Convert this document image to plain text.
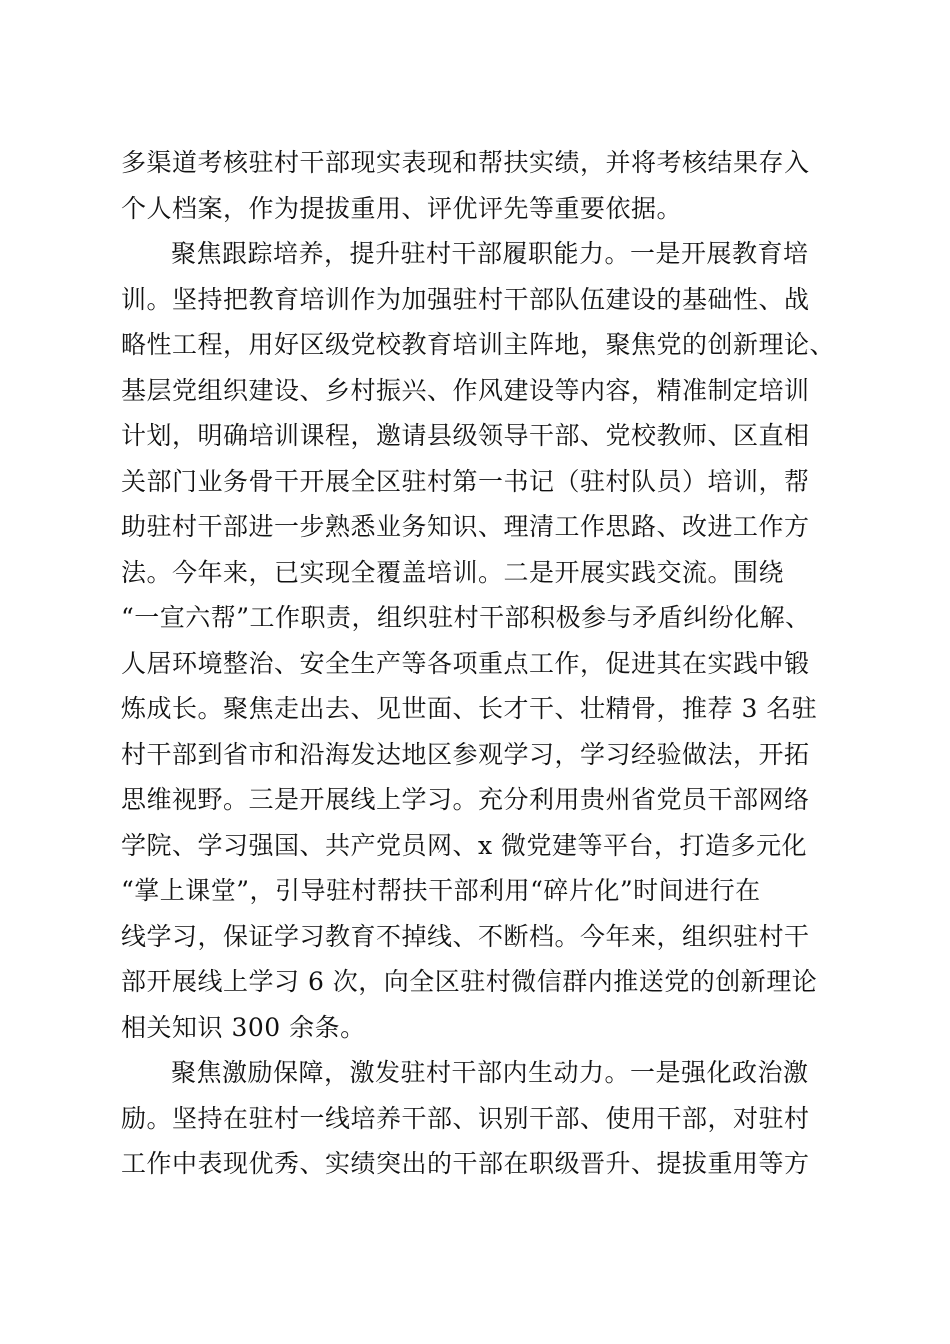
多渠道考核驻村干部现实表现和帮扶实绩，并将考核结果存入
个人档案，作为提拔重用、评优评先等重要依据。
聚焦跟踪培养，提升驻村干部履职能力。一是开展教育培
训。坚持把教育培训作为加强驻村干部队伍建设的基础性、战
略性工程，用好区级党校教育培训主阵地，聚焦党的创新理论、
基层党组织建设、乡村振兴、作风建设等内容，精准制定培训
计划，明确培训课程，邀请县级领导干部、党校教师、区直相
关部门业务骨干开展全区驻村第一书记（驻村队员）培训，帮
助驻村干部进一步熟悉业务知识、理清工作思路、改进工作方
法。今年来，已实现全覆盖培训。二是开展实践交流。围绕
“一宣六帮”工作职责，组织驻村干部积极参与矛盾纠纷化解、
人居环境整治、安全生产等各项重点工作，促进其在实践中锻
炼成长。聚焦走出去、见世面、长才干、壮精骨，推荐 3 名驻
村干部到省市和沿海发达地区参观学习，学习经验做法，开拓
思维视野。三是开展线上学习。充分利用贵州省党员干部网络
学院、学习强国、共产党员网、x 微党建等平台，打造多元化
“掌上课堂”，引导驻村帮扶干部利用“碎片化”时间进行在
线学习，保证学习教育不掉线、不断档。今年来，组织驻村干
部开展线上学习 6 次，向全区驻村微信群内推送党的创新理论
相关知识 300 余条。
聚焦激励保障，激发驻村干部内生动力。一是强化政治激
励。坚持在驻村一线培养干部、识别干部、使用干部，对驻村
工作中表现优秀、实绩突出的干部在职级晋升、提拔重用等方
